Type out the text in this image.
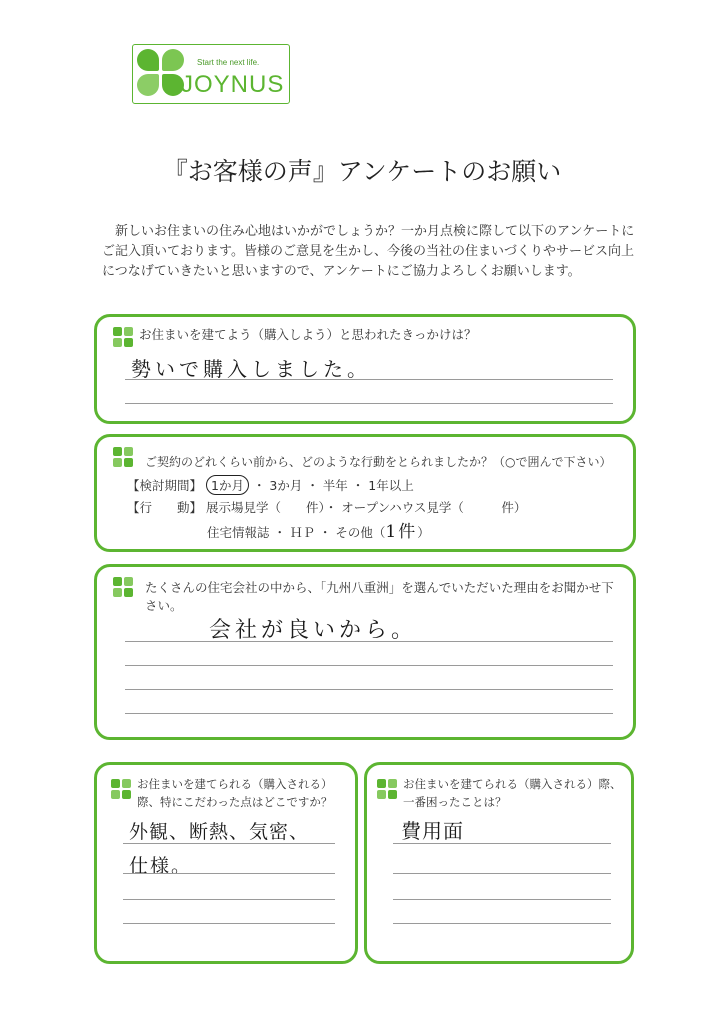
Start the next life.
JOYNUS
『お客様の声』アンケートのお願い
　新しいお住まいの住み心地はいかがでしょうか？一か月点検に際して以下のアンケートにご記入頂いております。皆様のご意見を生かし、今後の当社の住まいづくりやサービス向上につなげていきたいと思いますので、アンケートにご協力よろしくお願いします。
お住まいを建てよう（購入しよう）と思われたきっかけは？
勢いで購入しました。
ご契約のどれくらい前から、どのような行動をとられましたか？（○で囲んで下さい）
【検討期間】 1か月 ・ 3か月 ・ 半年 ・ 1年以上
【行　　動】 展示場見学（　　件）・ オープンハウス見学（　　　件）
住宅情報誌 ・ ＨＰ ・ その他（1件）
たくさんの住宅会社の中から、「九州八重洲」を選んでいただいた理由をお聞かせ下さい。
会社が良いから。
お住まいを建てられる（購入される）際、特にこだわった点はどこですか？
外観、断熱、気密、
仕様。
お住まいを建てられる（購入される）際、一番困ったことは？
費用面
